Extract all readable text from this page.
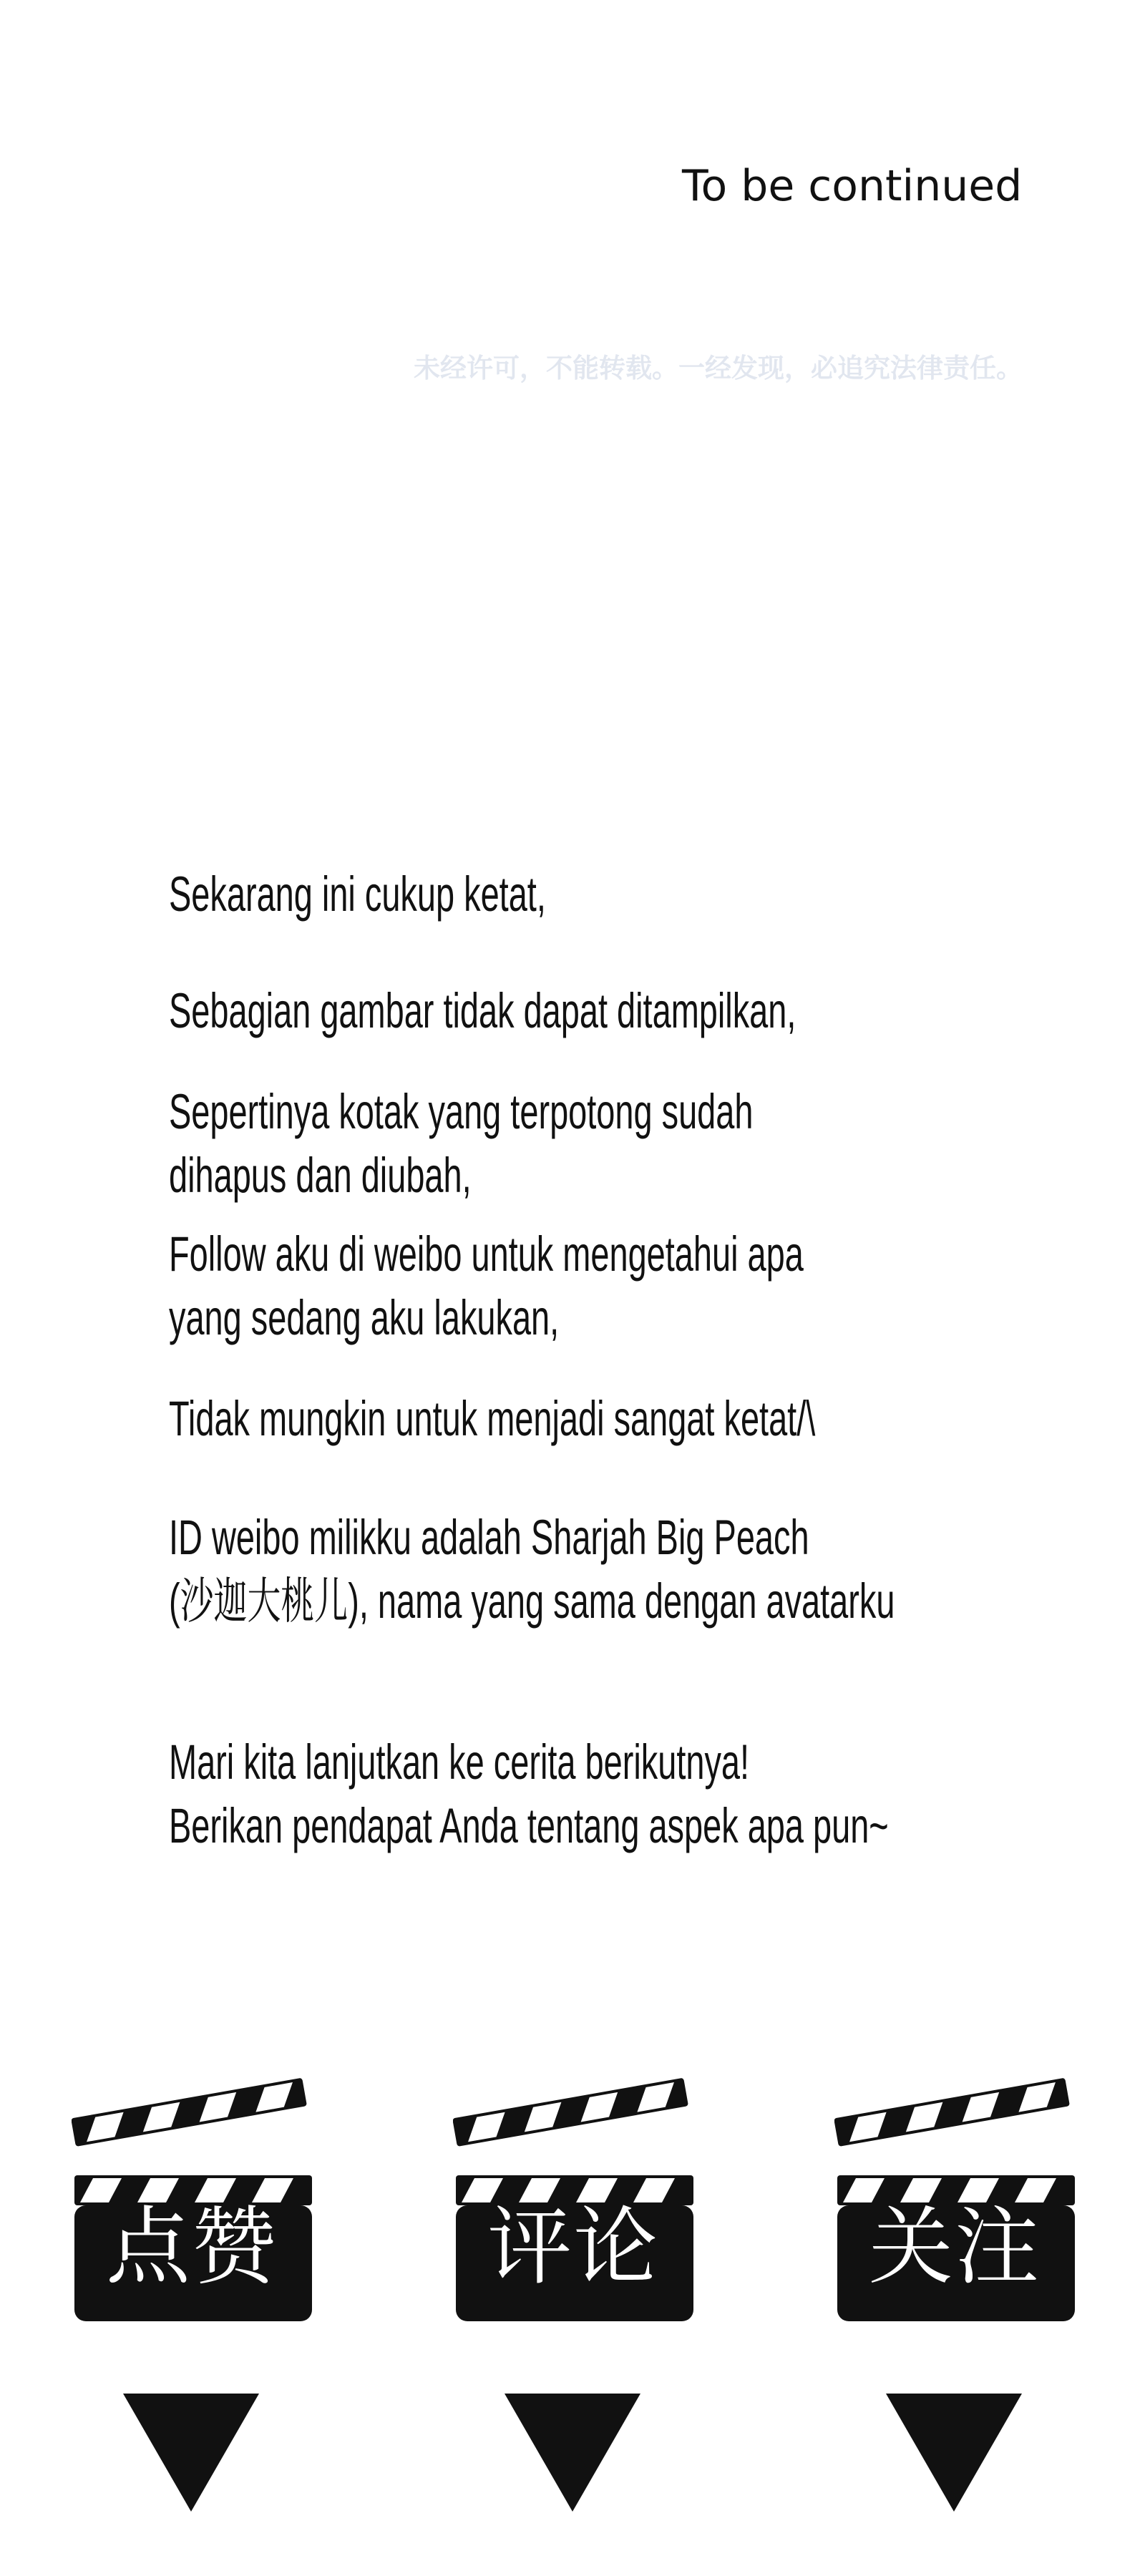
To be continued
未经许可，不能转载。一经发现，必追究法律责任。
Sekarang ini cukup ketat,
Sebagian gambar tidak dapat ditampilkan,
Sepertinya kotak yang terpotong sudah
dihapus dan diubah,
Follow aku di weibo untuk mengetahui apa
yang sedang aku lakukan,
Tidak mungkin untuk menjadi sangat ketat/\
ID weibo milikku adalah Sharjah Big Peach
(沙迦大桃儿), nama yang sama dengan avatarku
Mari kita lanjutkan ke cerita berikutnya!
Berikan pendapat Anda tentang aspek apa pun~
点赞	评论	关注
